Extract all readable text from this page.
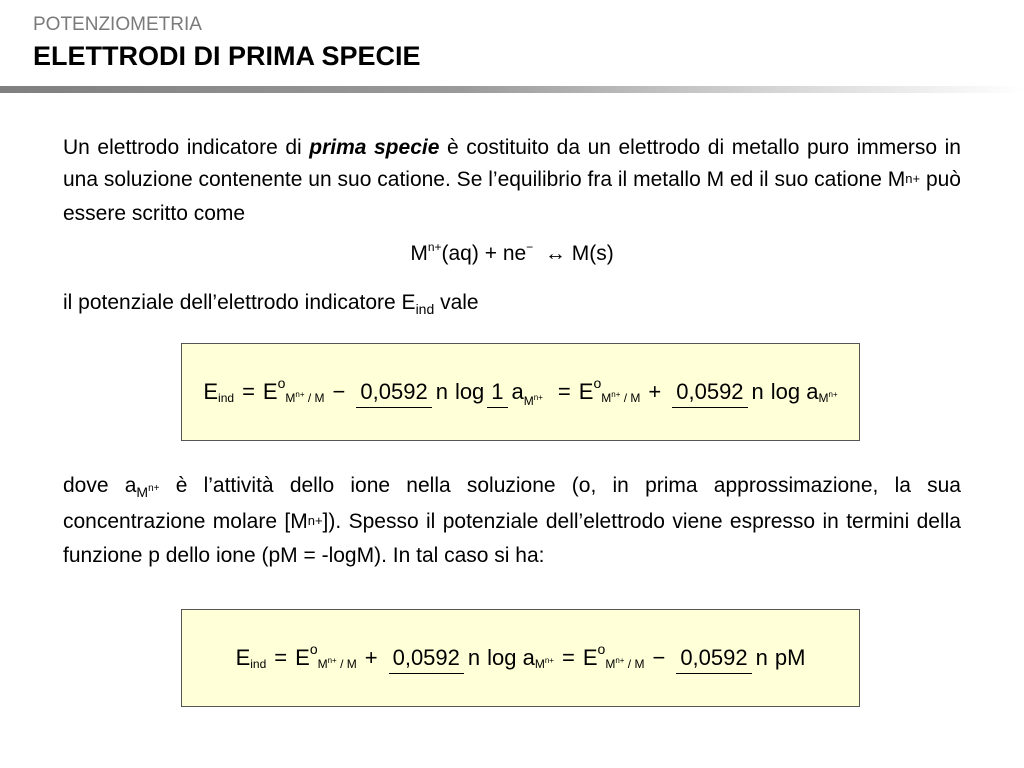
POTENZIOMETRIA
ELETTRODI DI PRIMA SPECIE
Un elettrodo indicatore di prima specie è costituito da un elettrodo di metallo puro immerso in una soluzione contenente un suo catione. Se l’equilibrio fra il metallo M ed il suo catione $M^{n+}$ può essere scritto come
$M^{n+}(aq) + ne^-$ ↔ M(s)
il potenziale dell’elettrodo indicatore $E_{ind}$ vale
E ind = E o
$M^{n+} / M - 0,0592$ n log 1 $a_{M^{n+}} = E$ o
$M^{n+} / M + 0,0592$ n log a $M^{n+}$
dove $a_{M^{n+}}$ è l’attività dello ione nella soluzione (o, in prima approssimazione, la sua concentrazione molare $[M^{n+}]$). Spesso il potenziale dell’elettrodo viene espresso in termini della funzione p dello ione (pM = -logM). In tal caso si ha:
E ind = E o
$M^{n+} / M + 0,0592$ n log a $M^{n+} = E$ o
$M^{n+} / M - 0,0592$ n pM
